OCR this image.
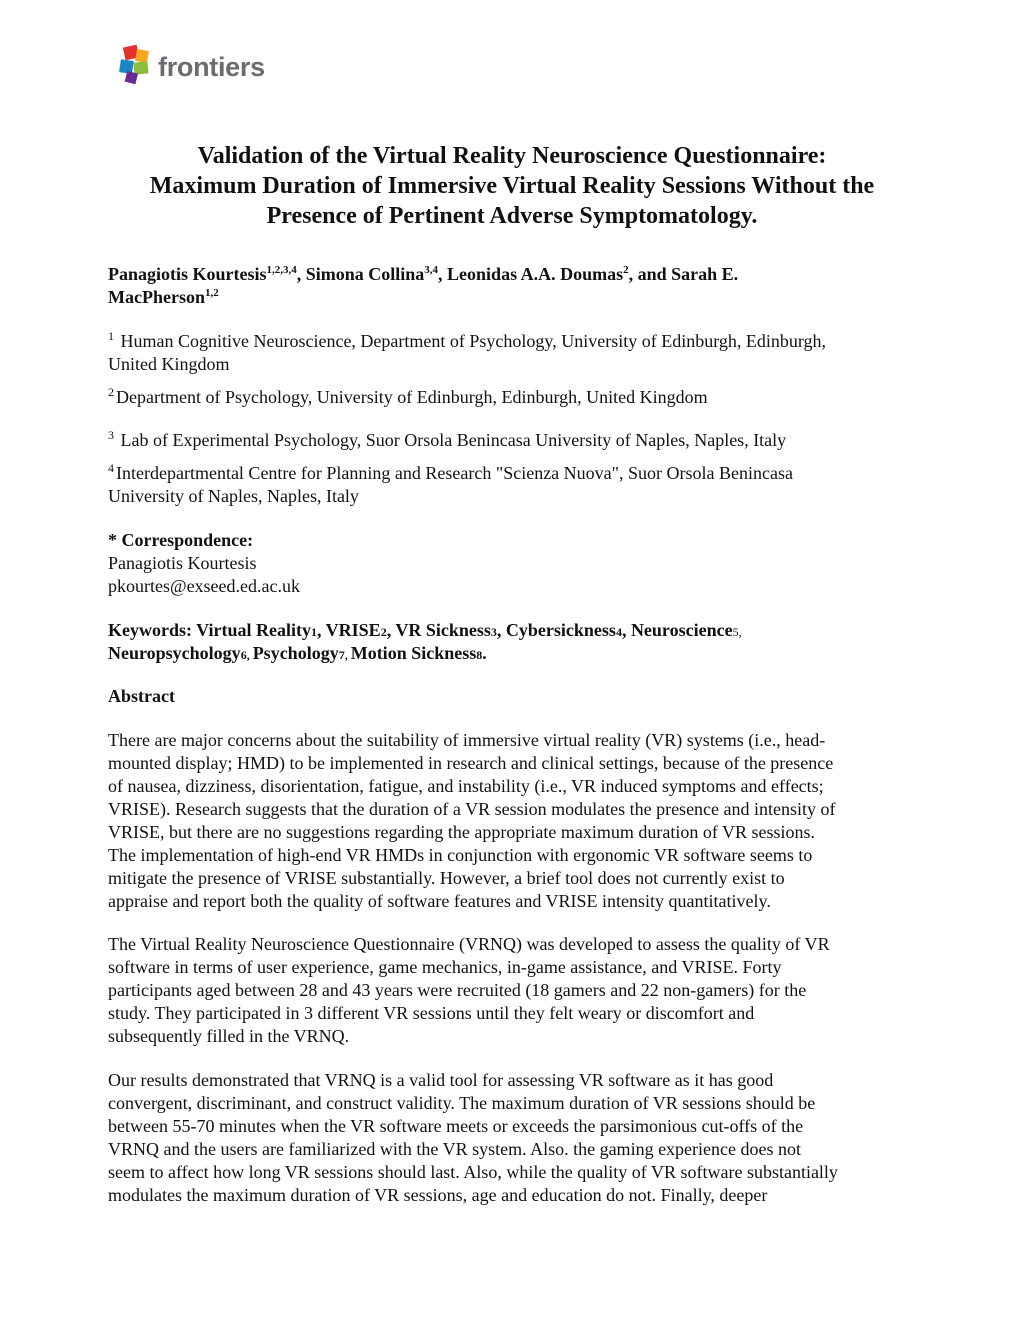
frontiers
Validation of the Virtual Reality Neuroscience Questionnaire:
Maximum Duration of Immersive Virtual Reality Sessions Without the
Presence of Pertinent Adverse Symptomatology.
Panagiotis Kourtesis$^{1,2,3,4}$, Simona Collina$^{3,4}$, Leonidas A.A. Doumas$^2$, and Sarah E.
MacPherson$^{1,2}$
$^1$ Human Cognitive Neuroscience, Department of Psychology, University of Edinburgh, Edinburgh,
United Kingdom
$^2$ Department of Psychology, University of Edinburgh, Edinburgh, United Kingdom
$^3$ Lab of Experimental Psychology, Suor Orsola Benincasa University of Naples, Naples, Italy
$^4$ Interdepartmental Centre for Planning and Research "Scienza Nuova", Suor Orsola Benincasa
University of Naples, Naples, Italy
* Correspondence:
Panagiotis Kourtesis
pkourtes@exseed.ed.ac.uk
Keywords: Virtual Reality1, VRISE2, VR Sickness3, Cybersickness4, Neuroscience5,
Neuropsychology6, Psychology7, Motion Sickness8.
Abstract
There are major concerns about the suitability of immersive virtual reality (VR) systems (i.e., head-
mounted display; HMD) to be implemented in research and clinical settings, because of the presence
of nausea, dizziness, disorientation, fatigue, and instability (i.e., VR induced symptoms and effects;
VRISE). Research suggests that the duration of a VR session modulates the presence and intensity of
VRISE, but there are no suggestions regarding the appropriate maximum duration of VR sessions.
The implementation of high-end VR HMDs in conjunction with ergonomic VR software seems to
mitigate the presence of VRISE substantially. However, a brief tool does not currently exist to
appraise and report both the quality of software features and VRISE intensity quantitatively.
The Virtual Reality Neuroscience Questionnaire (VRNQ) was developed to assess the quality of VR
software in terms of user experience, game mechanics, in-game assistance, and VRISE. Forty
participants aged between 28 and 43 years were recruited (18 gamers and 22 non-gamers) for the
study. They participated in 3 different VR sessions until they felt weary or discomfort and
subsequently filled in the VRNQ.
Our results demonstrated that VRNQ is a valid tool for assessing VR software as it has good
convergent, discriminant, and construct validity. The maximum duration of VR sessions should be
between 55-70 minutes when the VR software meets or exceeds the parsimonious cut-offs of the
VRNQ and the users are familiarized with the VR system. Also. the gaming experience does not
seem to affect how long VR sessions should last. Also, while the quality of VR software substantially
modulates the maximum duration of VR sessions, age and education do not. Finally, deeper
